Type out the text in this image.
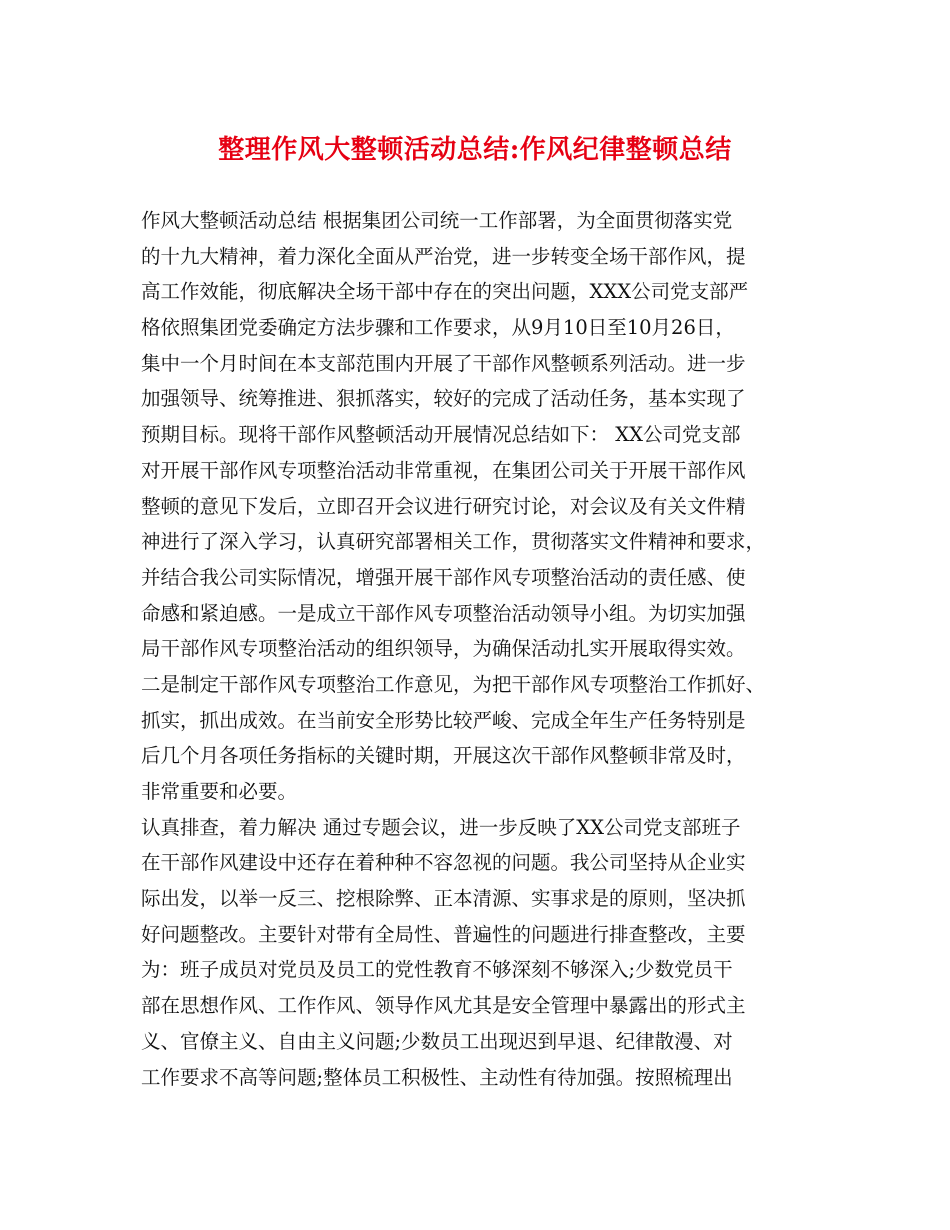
整理作风大整顿活动总结:作风纪律整顿总结
作风大整顿活动总结 根据集团公司统一工作部署，为全面贯彻落实党
的十九大精神，着力深化全面从严治党，进一步转变全场干部作风，提
高工作效能，彻底解决全场干部中存在的突出问题，XXX公司党支部严
格依照集团党委确定方法步骤和工作要求，从9月10日至10月26日，
集中一个月时间在本支部范围内开展了干部作风整顿系列活动。进一步
加强领导、统筹推进、狠抓落实，较好的完成了活动任务，基本实现了
预期目标。现将干部作风整顿活动开展情况总结如下： XX公司党支部
对开展干部作风专项整治活动非常重视，在集团公司关于开展干部作风
整顿的意见下发后，立即召开会议进行研究讨论，对会议及有关文件精
神进行了深入学习，认真研究部署相关工作，贯彻落实文件精神和要求，
并结合我公司实际情况，增强开展干部作风专项整治活动的责任感、使
命感和紧迫感。一是成立干部作风专项整治活动领导小组。为切实加强
局干部作风专项整治活动的组织领导，为确保活动扎实开展取得实效。
二是制定干部作风专项整治工作意见，为把干部作风专项整治工作抓好、
抓实，抓出成效。在当前安全形势比较严峻、完成全年生产任务特别是
后几个月各项任务指标的关键时期，开展这次干部作风整顿非常及时，
非常重要和必要。
认真排查，着力解决 通过专题会议，进一步反映了XX公司党支部班子
在干部作风建设中还存在着种种不容忽视的问题。我公司坚持从企业实
际出发，以举一反三、挖根除弊、正本清源、实事求是的原则，坚决抓
好问题整改。主要针对带有全局性、普遍性的问题进行排查整改，主要
为：班子成员对党员及员工的党性教育不够深刻不够深入;少数党员干
部在思想作风、工作作风、领导作风尤其是安全管理中暴露出的形式主
义、官僚主义、自由主义问题;少数员工出现迟到早退、纪律散漫、对
工作要求不高等问题;整体员工积极性、主动性有待加强。按照梳理出
